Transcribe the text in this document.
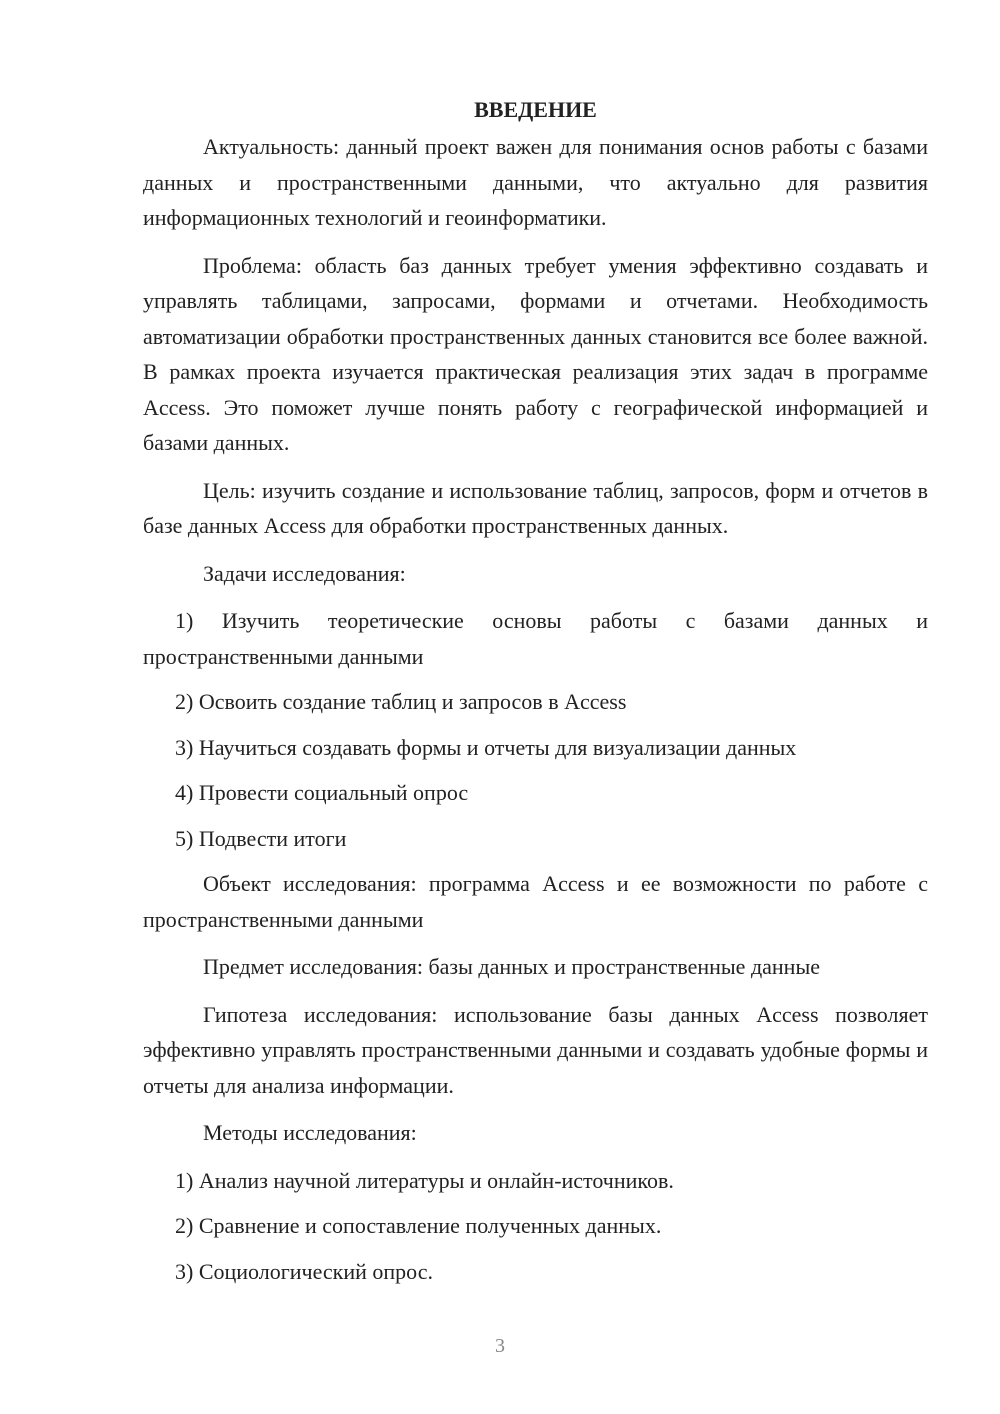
ВВЕДЕНИЕ

Актуальность: данный проект важен для понимания основ работы с базами данных и пространственными данными, что актуально для развития информационных технологий и геоинформатики.

Проблема: область баз данных требует умения эффективно создавать и управлять таблицами, запросами, формами и отчетами. Необходимость автоматизации обработки пространственных данных становится все более важной. В рамках проекта изучается практическая реализация этих задач в программе Access. Это поможет лучше понять работу с географической информацией и базами данных.

Цель: изучить создание и использование таблиц, запросов, форм и отчетов в базе данных Access для обработки пространственных данных.

Задачи исследования:

1) Изучить теоретические основы работы с базами данных и пространственными данными

2) Освоить создание таблиц и запросов в Access

3) Научиться создавать формы и отчеты для визуализации данных

4) Провести социальный опрос

5) Подвести итоги

Объект исследования: программа Access и ее возможности по работе с пространственными данными

Предмет исследования: базы данных и пространственные данные

Гипотеза исследования: использование базы данных Access позволяет эффективно управлять пространственными данными и создавать удобные формы и отчеты для анализа информации.

Методы исследования:

1) Анализ научной литературы и онлайн-источников.

2) Сравнение и сопоставление полученных данных.

3) Социологический опрос.

3
